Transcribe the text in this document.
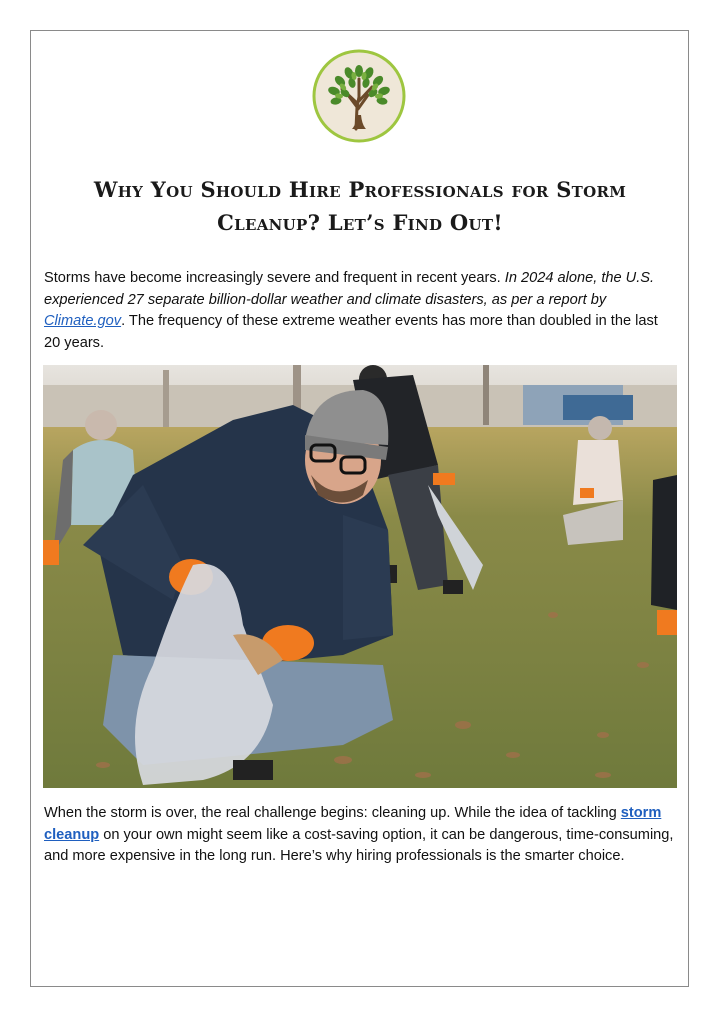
Why You Should Hire Professionals for Storm
Cleanup? Let’s Find Out!

Storms have become increasingly severe and frequent in recent years. In 2024 alone, the U.S. experienced 27 separate billion-dollar weather and climate disasters, as per a report by Climate.gov. The frequency of these extreme weather events has more than doubled in the last 20 years.

When the storm is over, the real challenge begins: cleaning up. While the idea of tackling storm cleanup on your own might seem like a cost-saving option, it can be dangerous, time-consuming, and more expensive in the long run. Here’s why hiring professionals is the smarter choice.
